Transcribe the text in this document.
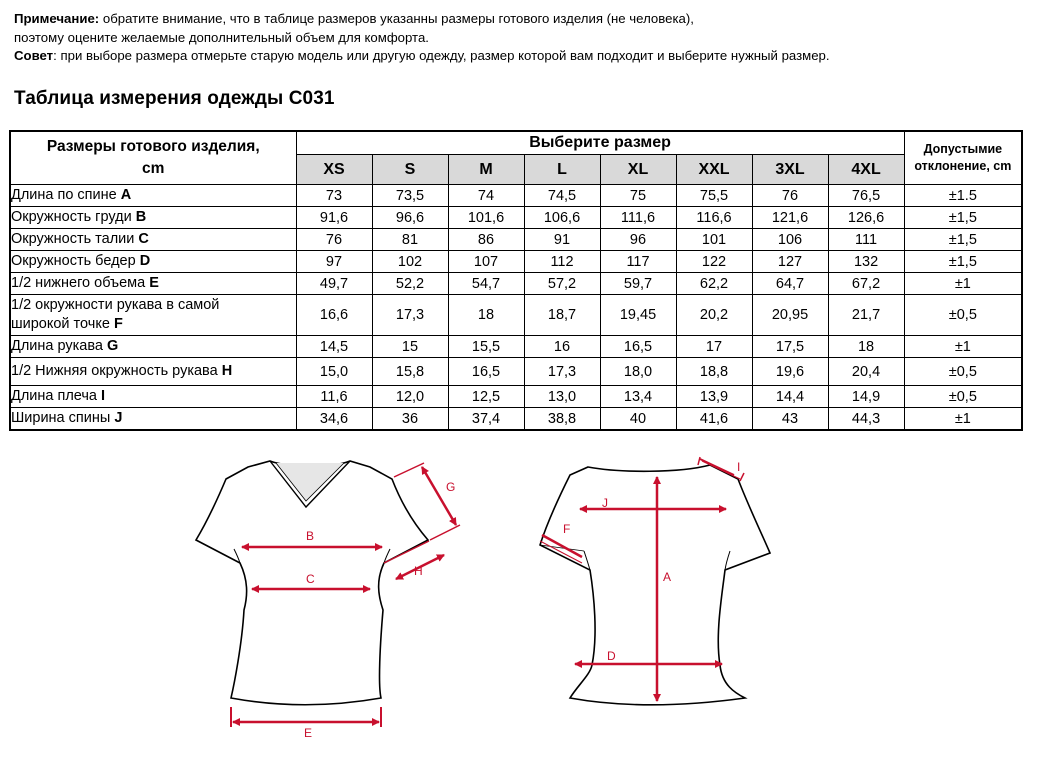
Примечание: обратите внимание, что в таблице размеров указанны размеры готового изделия (не человека),
поэтому оцените желаемые дополнительный объем для комфорта.
Совет: при выборе размера отмерьте старую модель или другую одежду, размер которой вам подходит и выберите нужный размер.
Таблица измерения одежды C031
Размеры готового изделия,
cm	Выберите размер								Допустымие
отклонение, cm
	XS	S	M	L	XL	XXL	3XL	4XL	
Длина по спине A	73	73,5	74	74,5	75	75,5	76	76,5	±1.5
Окружность груди B	91,6	96,6	101,6	106,6	111,6	116,6	121,6	126,6	±1,5
Окружность талии C	76	81	86	91	96	101	106	111	±1,5
Окружность бедер D	97	102	107	112	117	122	127	132	±1,5
1/2 нижнего объема E	49,7	52,2	54,7	57,2	59,7	62,2	64,7	67,2	±1
1/2 окружности рукава в самой
широкой точке F	16,6	17,3	18	18,7	19,45	20,2	20,95	21,7	±0,5
Длина рукава G	14,5	15	15,5	16	16,5	17	17,5	18	±1
1/2 Нижняя окружность рукава H	15,0	15,8	16,5	17,3	18,0	18,8	19,6	20,4	±0,5
Длина плеча I	11,6	12,0	12,5	13,0	13,4	13,9	14,4	14,9	±0,5
Ширина спины J	34,6	36	37,4	38,8	40	41,6	43	44,3	±1
B
C
E
G
H
I
J
A
D
F
